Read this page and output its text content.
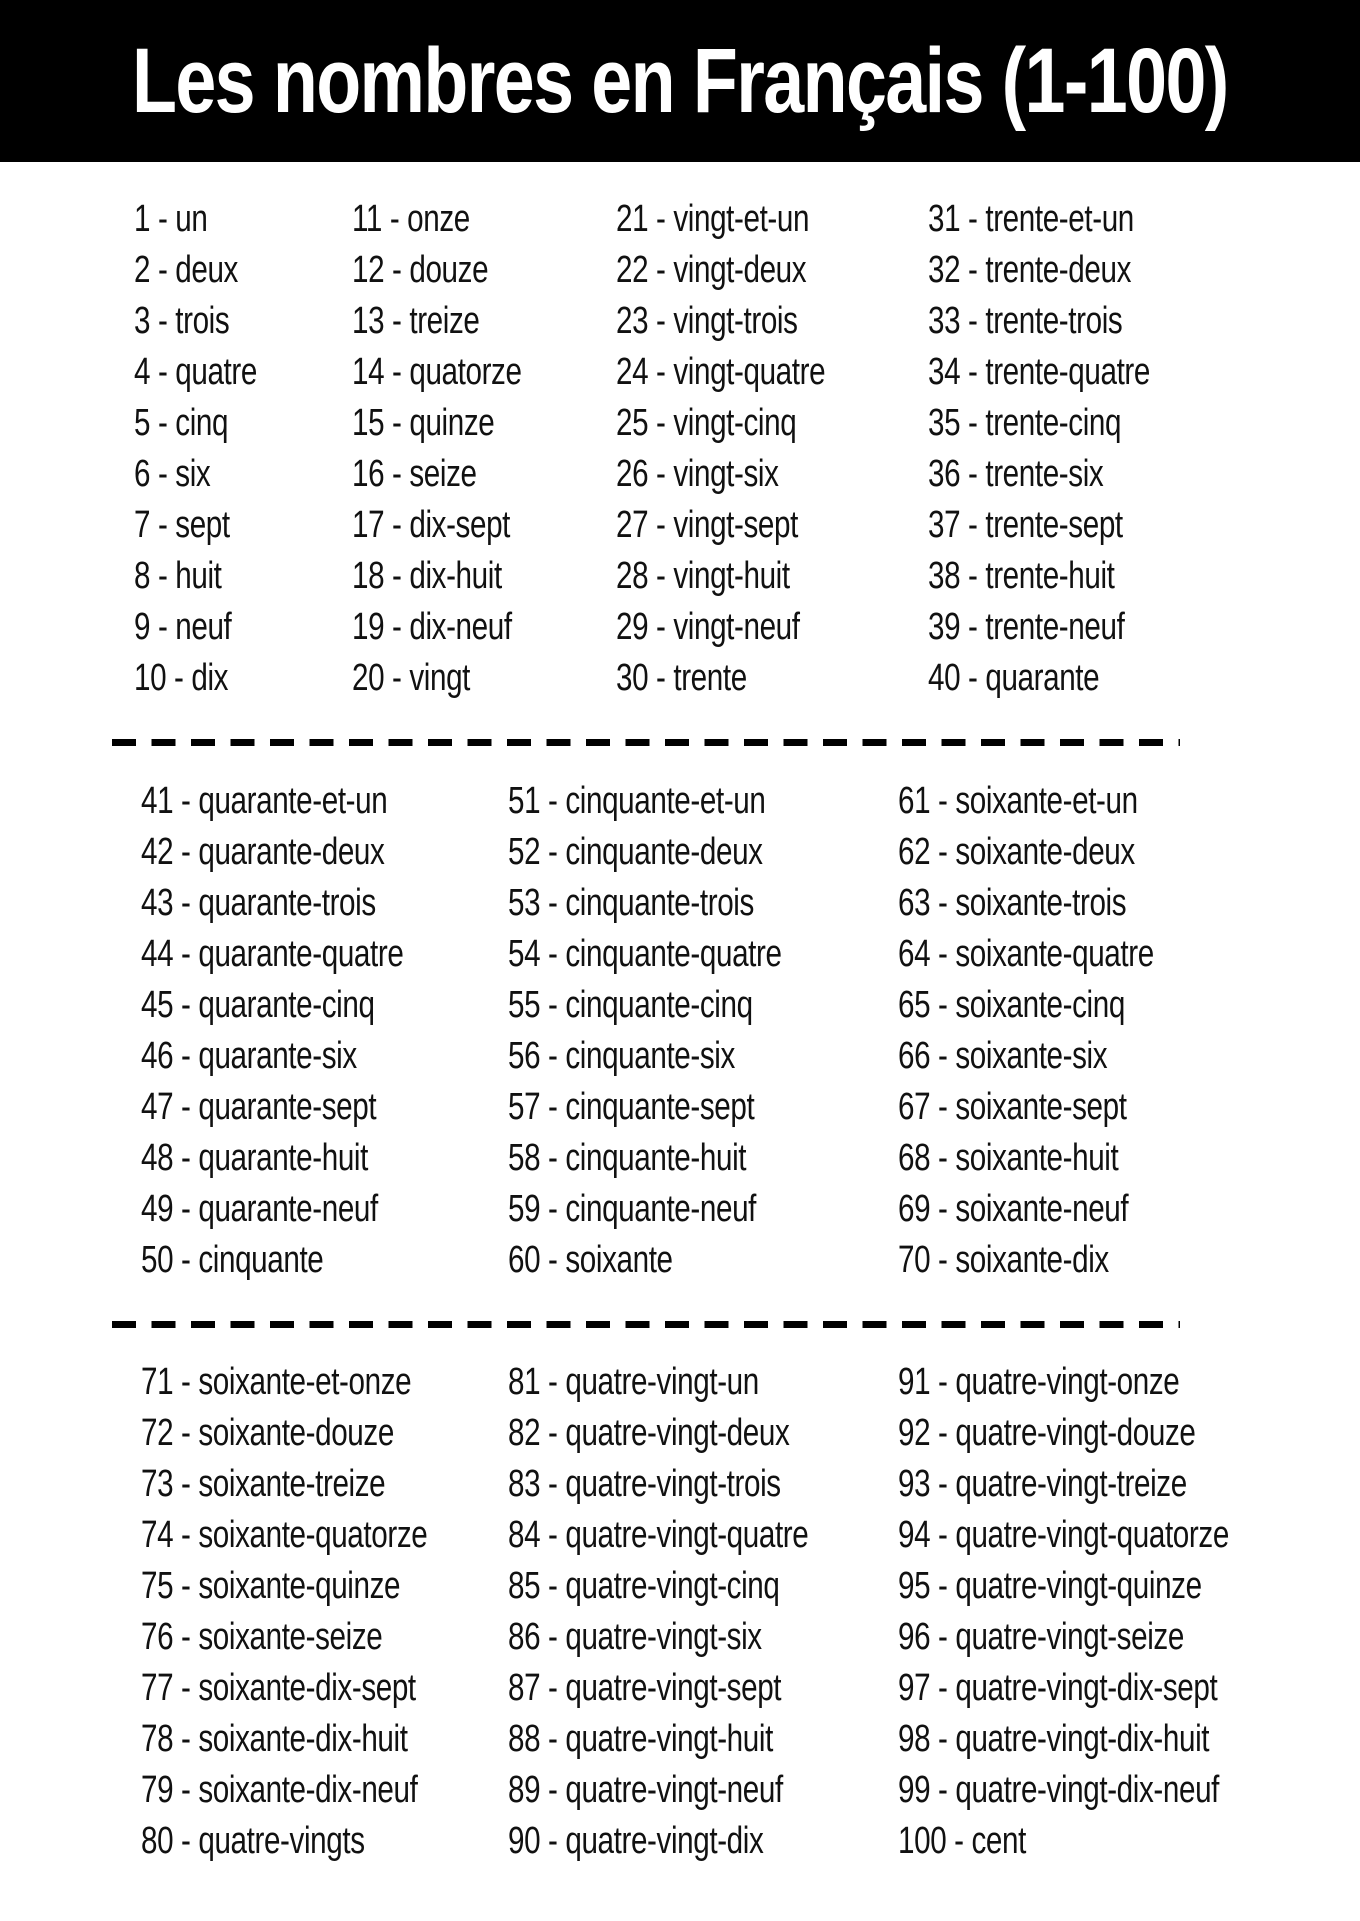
Les nombres en Français (1-100)
1 - un
2 - deux
3 - trois
4 - quatre
5 - cinq
6 - six
7 - sept
8 - huit
9 - neuf
10 - dix
11 - onze
12 - douze
13 - treize
14 - quatorze
15 - quinze
16 - seize
17 - dix-sept
18 - dix-huit
19 - dix-neuf
20 - vingt
21 - vingt-et-un
22 - vingt-deux
23 - vingt-trois
24 - vingt-quatre
25 - vingt-cinq
26 - vingt-six
27 - vingt-sept
28 - vingt-huit
29 - vingt-neuf
30 - trente
31 - trente-et-un
32 - trente-deux
33 - trente-trois
34 - trente-quatre
35 - trente-cinq
36 - trente-six
37 - trente-sept
38 - trente-huit
39 - trente-neuf
40 - quarante
41 - quarante-et-un
42 - quarante-deux
43 - quarante-trois
44 - quarante-quatre
45 - quarante-cinq
46 - quarante-six
47 - quarante-sept
48 - quarante-huit
49 - quarante-neuf
50 - cinquante
51 - cinquante-et-un
52 - cinquante-deux
53 - cinquante-trois
54 - cinquante-quatre
55 - cinquante-cinq
56 - cinquante-six
57 - cinquante-sept
58 - cinquante-huit
59 - cinquante-neuf
60 - soixante
61 - soixante-et-un
62 - soixante-deux
63 - soixante-trois
64 - soixante-quatre
65 - soixante-cinq
66 - soixante-six
67 - soixante-sept
68 - soixante-huit
69 - soixante-neuf
70 - soixante-dix
71 - soixante-et-onze
72 - soixante-douze
73 - soixante-treize
74 - soixante-quatorze
75 - soixante-quinze
76 - soixante-seize
77 - soixante-dix-sept
78 - soixante-dix-huit
79 - soixante-dix-neuf
80 - quatre-vingts
81 - quatre-vingt-un
82 - quatre-vingt-deux
83 - quatre-vingt-trois
84 - quatre-vingt-quatre
85 - quatre-vingt-cinq
86 - quatre-vingt-six
87 - quatre-vingt-sept
88 - quatre-vingt-huit
89 - quatre-vingt-neuf
90 - quatre-vingt-dix
91 - quatre-vingt-onze
92 - quatre-vingt-douze
93 - quatre-vingt-treize
94 - quatre-vingt-quatorze
95 - quatre-vingt-quinze
96 - quatre-vingt-seize
97 - quatre-vingt-dix-sept
98 - quatre-vingt-dix-huit
99 - quatre-vingt-dix-neuf
100 - cent
